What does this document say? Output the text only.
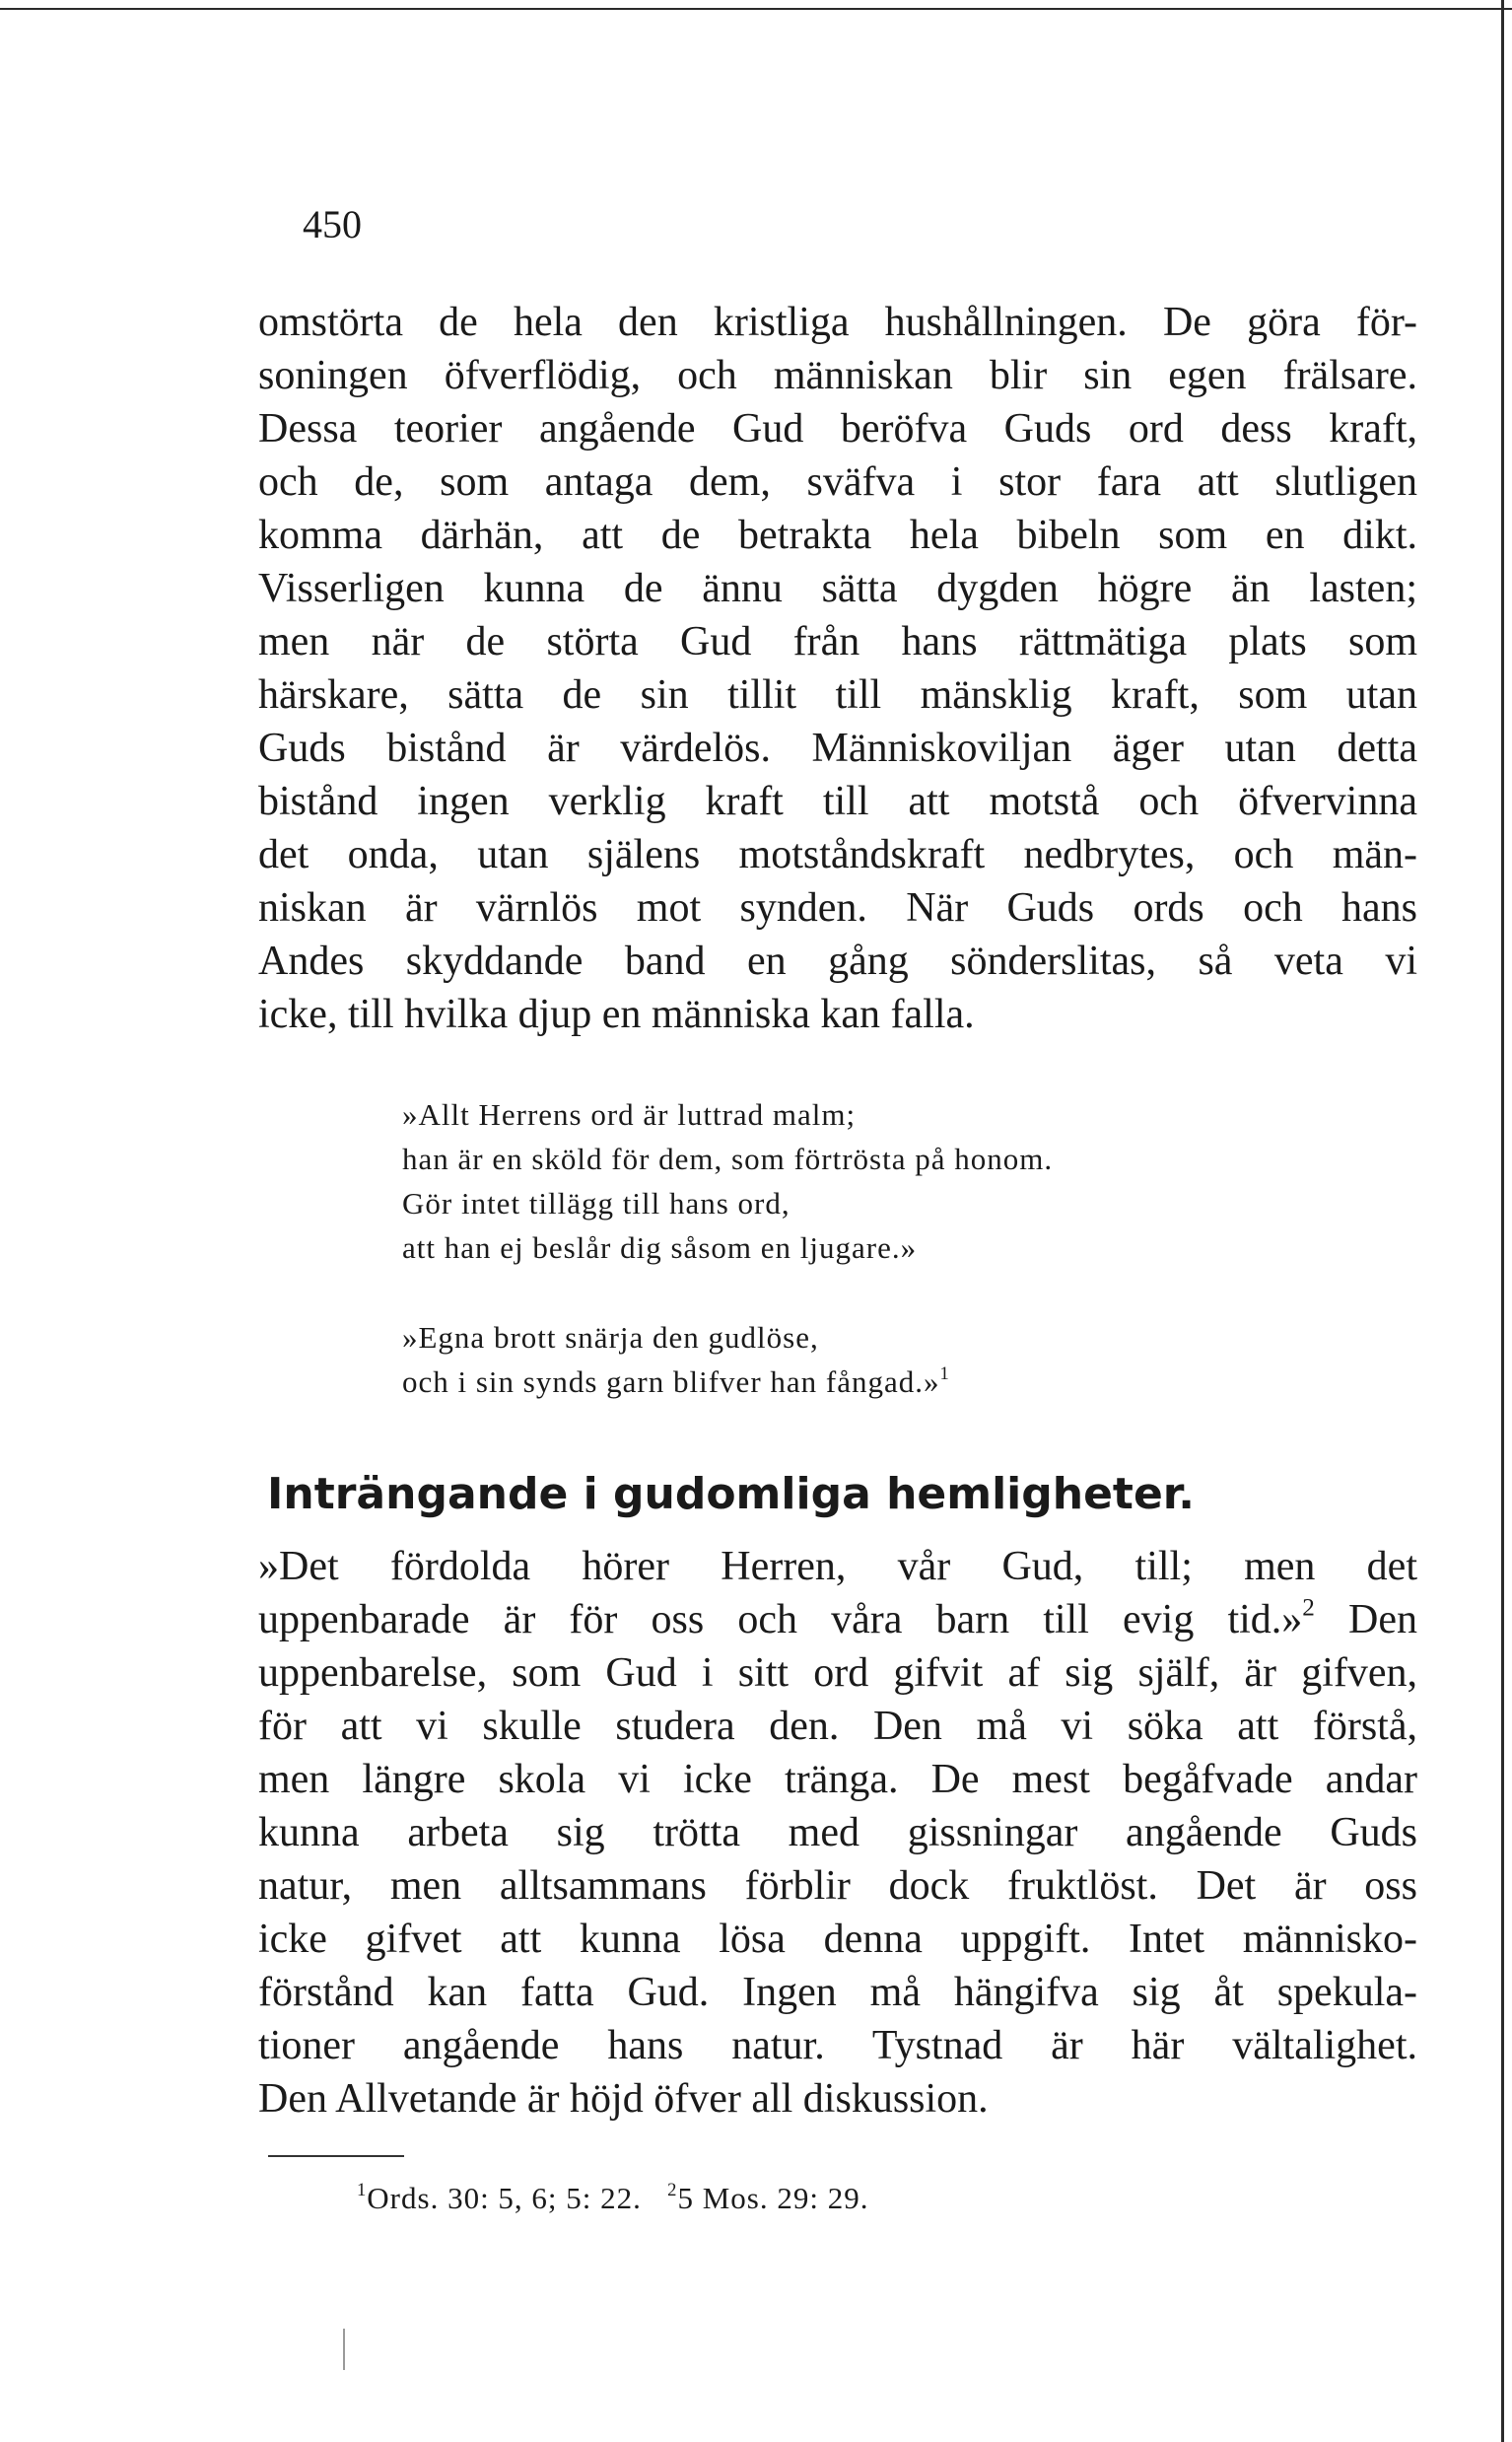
450
omstörta de hela den kristliga hushållningen. De göra för-
soningen öfverflödig, och människan blir sin egen frälsare.
Dessa teorier angående Gud beröfva Guds ord dess kraft,
och de, som antaga dem, sväfva i stor fara att slutligen
komma därhän, att de betrakta hela bibeln som en dikt.
Visserligen kunna de ännu sätta dygden högre än lasten;
men när de störta Gud från hans rättmätiga plats som
härskare, sätta de sin tillit till mänsklig kraft, som utan
Guds bistånd är värdelös. Människoviljan äger utan detta
bistånd ingen verklig kraft till att motstå och öfvervinna
det onda, utan själens motståndskraft nedbrytes, och män-
niskan är värnlös mot synden. När Guds ords och hans
Andes skyddande band en gång sönderslitas, så veta vi
icke, till hvilka djup en människa kan falla.
»Allt Herrens ord är luttrad malm;
han är en sköld för dem, som förtrösta på honom.
Gör intet tillägg till hans ord,
att han ej beslår dig såsom en ljugare.»
»Egna brott snärja den gudlöse,
och i sin synds garn blifver han fångad.»$^1$
Inträngande i gudomliga hemligheter.
»Det fördolda hörer Herren, vår Gud, till; men det
uppenbarade är för oss och våra barn till evig tid.»$^2$ Den
uppenbarelse, som Gud i sitt ord gifvit af sig själf, är gifven,
för att vi skulle studera den. Den må vi söka att förstå,
men längre skola vi icke tränga. De mest begåfvade andar
kunna arbeta sig trötta med gissningar angående Guds
natur, men alltsammans förblir dock fruktlöst. Det är oss
icke gifvet att kunna lösa denna uppgift. Intet människo-
förstånd kan fatta Gud. Ingen må hängifva sig åt spekula-
tioner angående hans natur. Tystnad är här vältalighet.
Den Allvetande är höjd öfver all diskussion.

$^1$Ords. 30: 5, 6; 5: 22. $^2$5 Mos. 29: 29.
